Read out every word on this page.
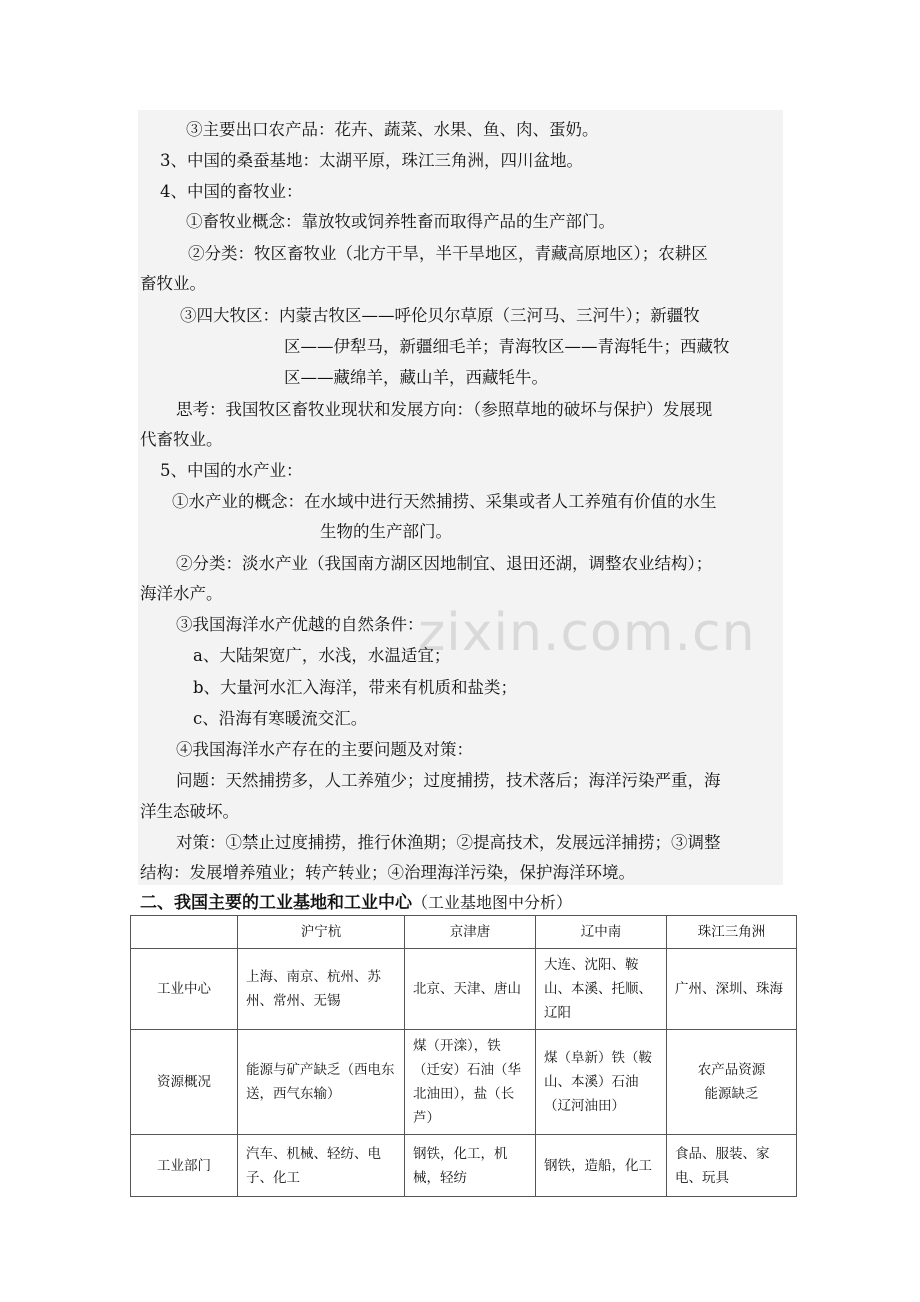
zixin.com.cn
③主要出口农产品：花卉、蔬菜、水果、鱼、肉、蛋奶。
3、中国的桑蚕基地：太湖平原，珠江三角洲，四川盆地。
4、中国的畜牧业：
①畜牧业概念：靠放牧或饲养牲畜而取得产品的生产部门。
②分类：牧区畜牧业（北方干旱，半干旱地区，青藏高原地区）；农耕区
畜牧业。
③四大牧区：内蒙古牧区——呼伦贝尔草原（三河马、三河牛）；新疆牧
区——伊犁马，新疆细毛羊；青海牧区——青海牦牛；西藏牧
区——藏绵羊，藏山羊，西藏牦牛。
思考：我国牧区畜牧业现状和发展方向：（参照草地的破坏与保护）发展现
代畜牧业。
5、中国的水产业：
①水产业的概念：在水域中进行天然捕捞、采集或者人工养殖有价值的水生
生物的生产部门。
②分类：淡水产业（我国南方湖区因地制宜、退田还湖，调整农业结构）；
海洋水产。
③我国海洋水产优越的自然条件：
a、大陆架宽广，水浅，水温适宜；
b、大量河水汇入海洋，带来有机质和盐类；
c、沿海有寒暖流交汇。
④我国海洋水产存在的主要问题及对策：
问题：天然捕捞多，人工养殖少；过度捕捞，技术落后；海洋污染严重，海
洋生态破坏。
对策：①禁止过度捕捞，推行休渔期；②提高技术，发展远洋捕捞；③调整
结构：发展增养殖业；转产转业；④治理海洋污染，保护海洋环境。
二、我国主要的工业基地和工业中心（工业基地图中分析）
	沪宁杭	京津唐	辽中南	珠江三角洲
工业中心	上海、南京、杭州、苏州、常州、无锡	北京、天津、唐山	大连、沈阳、鞍山、本溪、托顺、辽阳	广州、深圳、珠海
资源概况	能源与矿产缺乏（西电东送，西气东输）	煤（开滦），铁（迁安）石油（华北油田），盐（长芦）	煤（阜新）铁（鞍山、本溪）石油（辽河油田）	农产品资源
能源缺乏

工业部门	汽车、机械、轻纺、电子、化工	钢铁，化工，机械，轻纺	钢铁，造船，化工	食品、服装、家电、玩具
